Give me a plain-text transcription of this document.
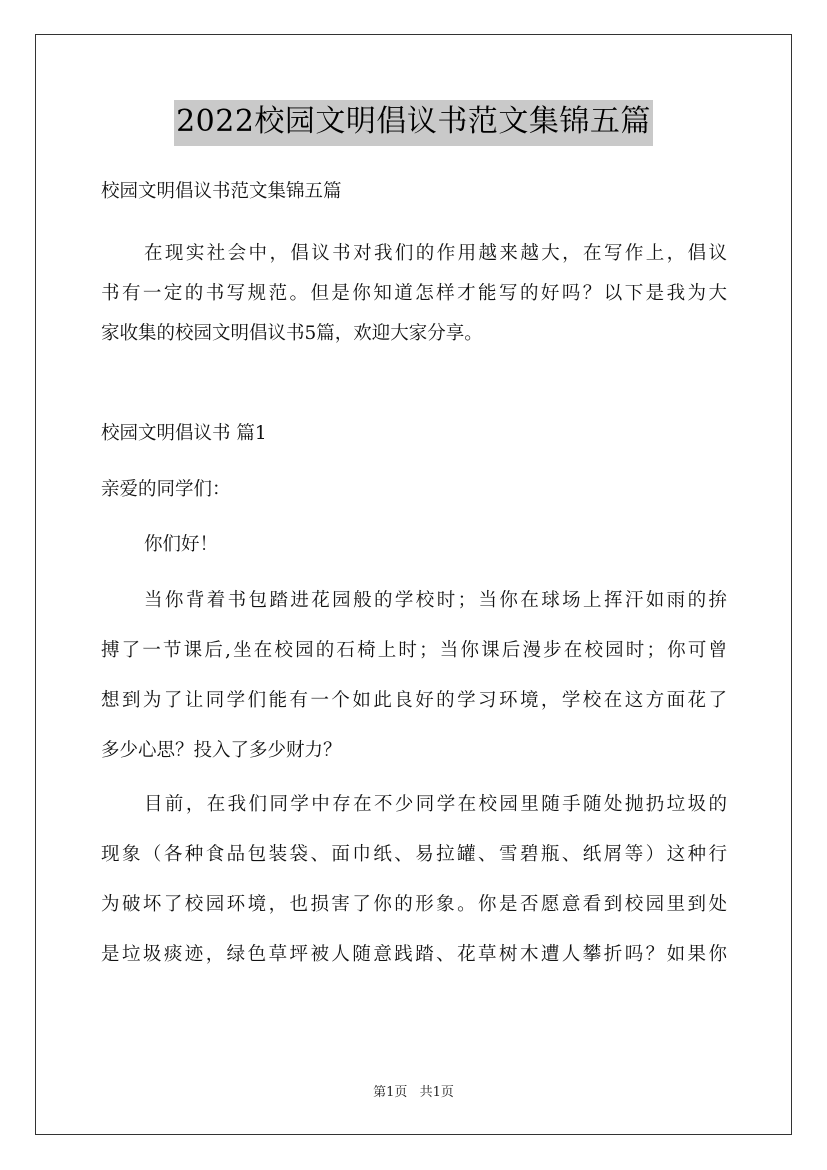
2022校园文明倡议书范文集锦五篇
校园文明倡议书范文集锦五篇
在现实社会中，倡议书对我们的作用越来越大，在写作上，倡议
书有一定的书写规范。但是你知道怎样才能写的好吗？以下是我为大
家收集的校园文明倡议书5篇，欢迎大家分享。
校园文明倡议书 篇1
亲爱的同学们：
你们好！
当你背着书包踏进花园般的学校时；当你在球场上挥汗如雨的拚
搏了一节课后,坐在校园的石椅上时；当你课后漫步在校园时；你可曾
想到为了让同学们能有一个如此良好的学习环境，学校在这方面花了
多少心思？投入了多少财力？
目前，在我们同学中存在不少同学在校园里随手随处抛扔垃圾的
现象（各种食品包装袋、面巾纸、易拉罐、雪碧瓶、纸屑等）这种行
为破坏了校园环境，也损害了你的形象。你是否愿意看到校园里到处
是垃圾痰迹，绿色草坪被人随意践踏、花草树木遭人攀折吗？如果你
第1页 共1页
